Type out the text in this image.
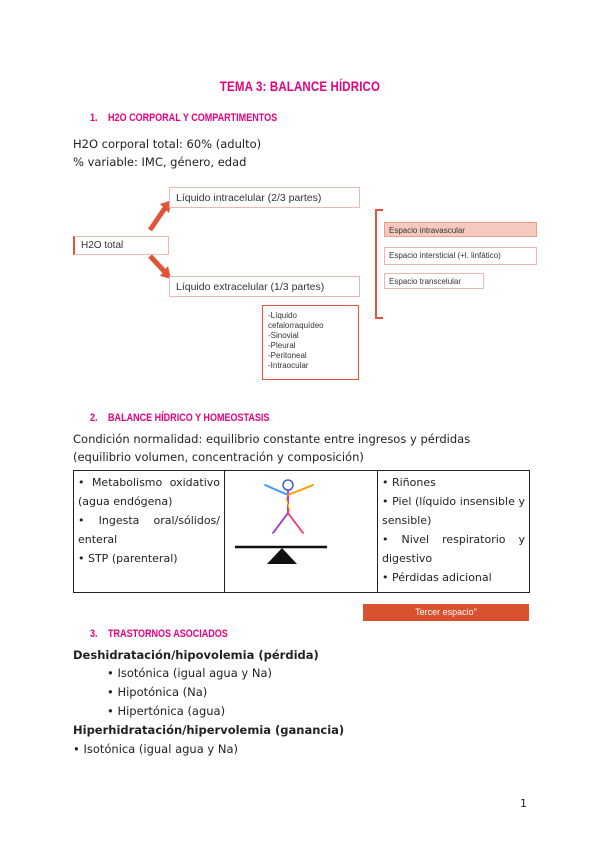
TEMA 3: BALANCE HÍDRICO
1. H2O CORPORAL Y COMPARTIMENTOS
H2O corporal total: 60% (adulto)
% variable: IMC, género, edad
H2O total
Líquido intracelular (2/3 partes)
Líquido extracelular (1/3 partes)
Espacio intravascular
Espacio intersticial (+l. linfático)
Espacio transcelular
-Líquido cefalorraquídeo
-Sinovial
-Pleural
-Peritoneal
-Intraocular
2. BALANCE HÍDRICO Y HOMEOSTASIS
Condición normalidad: equilibrio constante entre ingresos y pérdidas
(equilibrio volumen, concentración y composición)
• Metabolismo oxidativo (agua endógena)
• Ingesta oral/sólidos/ enteral
• STP (parenteral)
• Riñones
• Piel (líquido insensible y sensible)
• Nivel respiratorio y digestivo
• Pérdidas adicional
Tercer espacio"
3. TRASTORNOS ASOCIADOS
Deshidratación/hipovolemia (pérdida)
• Isotónica (igual agua y Na)
• Hipotónica (Na)
• Hipertónica (agua)
Hiperhidratación/hipervolemia (ganancia)
• Isotónica (igual agua y Na)
1
